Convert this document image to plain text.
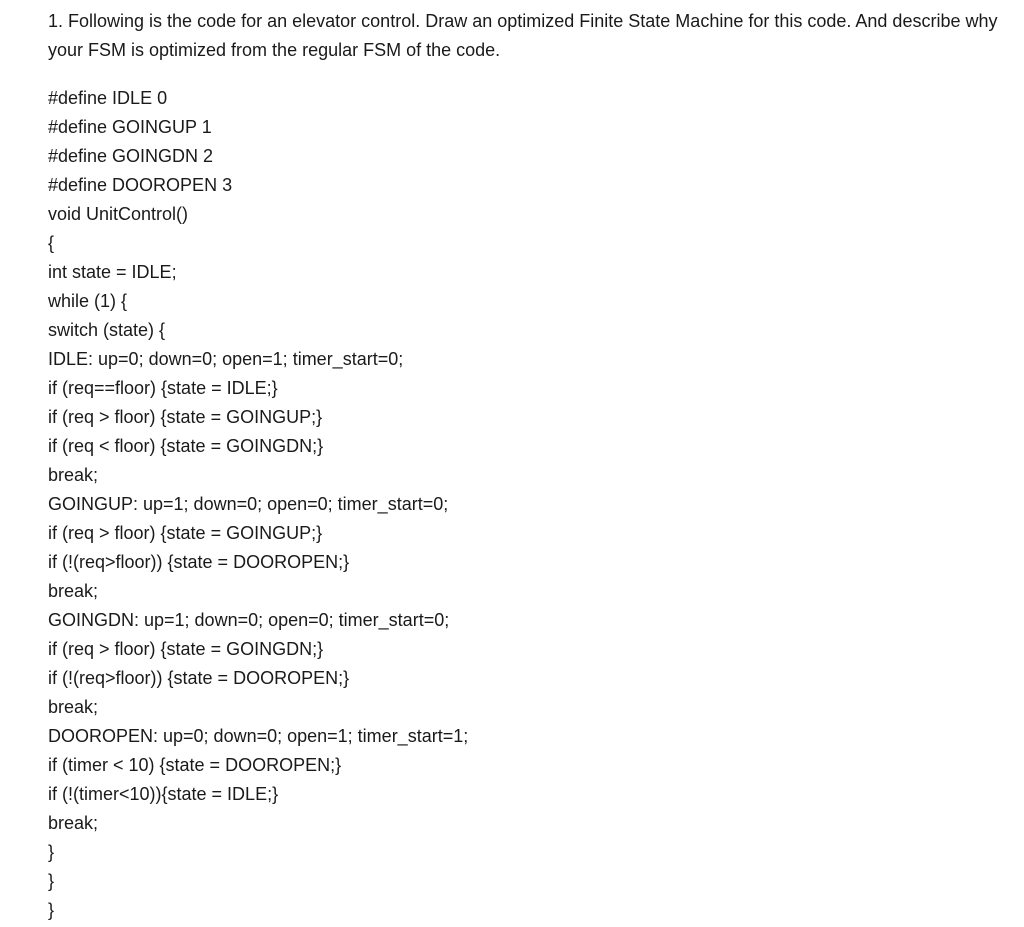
1. Following is the code for an elevator control. Draw an optimized Finite State Machine for this code. And describe why your FSM is optimized from the regular FSM of the code.

#define IDLE 0
#define GOINGUP 1
#define GOINGDN 2
#define DOOROPEN 3
void UnitControl()
{
int state = IDLE;
while (1) {
switch (state) {
IDLE: up=0; down=0; open=1; timer_start=0;
if (req==floor) {state = IDLE;}
if (req > floor) {state = GOINGUP;}
if (req < floor) {state = GOINGDN;}
break;
GOINGUP: up=1; down=0; open=0; timer_start=0;
if (req > floor) {state = GOINGUP;}
if (!(req>floor)) {state = DOOROPEN;}
break;
GOINGDN: up=1; down=0; open=0; timer_start=0;
if (req > floor) {state = GOINGDN;}
if (!(req>floor)) {state = DOOROPEN;}
break;
DOOROPEN: up=0; down=0; open=1; timer_start=1;
if (timer < 10) {state = DOOROPEN;}
if (!(timer<10)){state = IDLE;}
break;
}
}
}
